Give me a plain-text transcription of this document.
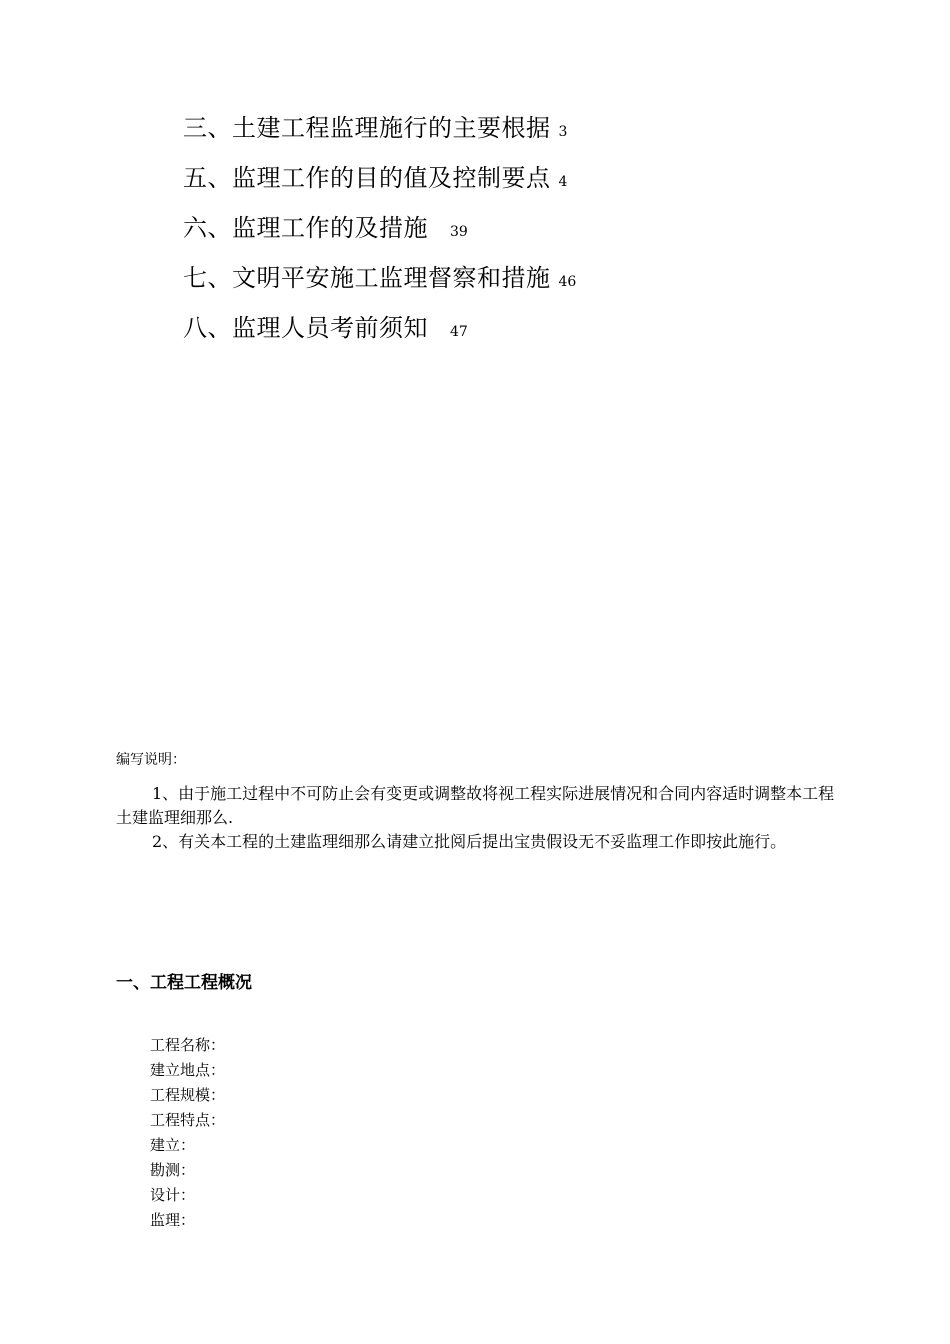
三、土建工程监理施行的主要根据 3
五、监理工作的目的值及控制要点 4
六、监理工作的及措施 39
七、文明平安施工监理督察和措施 46
八、监理人员考前须知 47
编写说明：

1、由于施工过程中不可防止会有变更或调整故将视工程实际进展情况和合同内容适时调整本工程土建监理细那么.

2、有关本工程的土建监理细那么请建立批阅后提出宝贵假设无不妥监理工作即按此施行。

一、工程工程概况
工程名称：
建立地点：
工程规模：
工程特点：
建立：
勘测：
设计：
监理：
